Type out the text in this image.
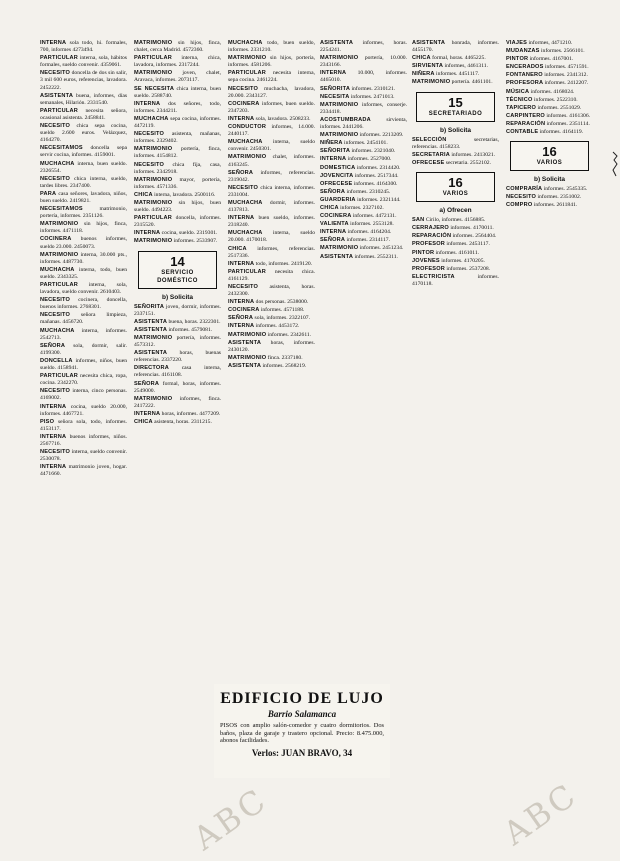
INTERNA sola todo, hi. formales, 700, informes 4273494.

PARTICULAR interna, sola, hábitos formales, sueldo convenir. 4359061.

NECESITO doncella de dos sin salir, 3 mil 600 euros, referencias, lavadora. 2452222.

ASISTENTA buena, informes, días semanales, Hilarión. 2331540.

PARTICULAR necesita señora, ocasional asistenta. 2458841.

NECESITO chica sepa cocina, sueldo 2.600 euros. Velázquez, 4164270.

NECESITAMOS doncella sepa servir cocina, informes. 4159001.

MUCHACHA interna, buen sueldo. 2326554.

NECESITO chica interna, sueldo, tardes libres. 2347400.

PARA casa señores, lavadora, niños, buen sueldo. 2419821.

NECESITAMOS matrimonio, portería, informes. 2351126.

MATRIMONIO sin hijos, finca, informes. 4471118.

COCINERA buenos informes, sueldo 23.000. 2450073.

MATRIMONIO interna, 30.000 pts., informes. 4487730.

MUCHACHA interna, todo, buen sueldo. 2343325.

PARTICULAR interna, sola, lavadora, sueldo convenir. 2610403.

NECESITO cocinera, doncella, buenos informes. 2768301.

NECESITO señora limpieza, mañanas. 4456720.

MUCHACHA interna, informes. 2542713.

SEÑORA sola, dormir, salir. 4199300.

DONCELLA informes, niños, buen sueldo. 4158941.

PARTICULAR necesita chica, ropa, cocina. 2342270.

NECESITO interna, cinco personas. 4169002.

INTERNA cocina, sueldo 20.000, informes. 4467721.

PISO señora sola, todo, informes. 4153117.

INTERNA buenos informes, niños. 2567716.

NECESITO interna, sueldo convenir. 2530078.

INTERNA matrimonio joven, hogar. 4471660.

MATRIMONIO sin hijos, finca, chalet, cerca Madrid. 4572360.

PARTICULAR interna, chica, lavadora, informes. 2317244.

MATRIMONIO joven, chalet, Aravaca, informes. 2073117.

SE NECESITA chica interna, buen sueldo. 2588740.

INTERNA dos señores, todo, informes. 2344211.

MUCHACHA sepa cocina, informes. 4472119.

NECESITO asistenta, mañanas, informes. 2329402.

MATRIMONIO portería, finca, informes. 4154812.

NECESITO chica fija, casa, informes. 2342918.

MATRIMONIO mayor, portería, informes. 4571336.

CHICA interna, lavadora. 2500116.

MATRIMONIO sin hijos, buen sueldo. 4494223.

PARTICULAR doncella, informes. 2315520.

INTERNA cocina, sueldo. 2319301.

MATRIMONIO informes. 2533907.

14
SERVICIO DOMÉSTICO
b) Solicita

SEÑORITA joven, dormir, informes. 2337151.

ASISTENTA buena, horas. 2322301.

ASISTENTA informes. 4579081.

MATRIMONIO portería, informes. 4573312.

ASISTENTA horas, buenas referencias. 2337220.

DIRECTORA casa interna, referencias. 4161108.

SEÑORA formal, horas, informes. 2549000.

MATRIMONIO informes, finca. 2417222.

INTERNA horas, informes. 4477209.

CHICA asistenta, horas. 2311215.

MUCHACHA todo, buen sueldo, informes. 2331210.

MATRIMONIO sin hijos, portería, informes. 4581206.

PARTICULAR necesita interna, sepa cocina. 2461224.

NECESITO muchacha, lavadora, 20.000. 2343127.

COCINERA informes, buen sueldo. 2347203.

INTERNA sola, lavadora. 2508233.

CONDUCTOR informes, 14.000. 2440117.

MUCHACHA interna, sueldo convenir. 2450301.

MATRIMONIO chalet, informes. 4163245.

SEÑORA informes, referencias. 2319042.

NECESITO chica interna, informes. 2331004.

MUCHACHA dormir, informes. 4137813.

INTERNA buen sueldo, informes. 2318240.

MUCHACHA interna, sueldo 20.000. 4170018.

CHICA informes, referencias. 2517336.

INTERNA todo, informes. 2419120.

PARTICULAR necesita chica. 4161129.

NECESITO asistenta, horas. 2432300.

INTERNA dos personas. 2538000.

COCINERA informes. 4571188.

SEÑORA sola, informes. 2322107.

INTERNA informes. 4453172.

MATRIMONIO informes. 2342611.

ASISTENTA horas, informes. 2430120.

MATRIMONIO finca. 2337180.

ASISTENTA informes. 2568219.

ASISTENTA informes, horas. 2254241.

MATRIMONIO portería, 10.000. 2343166.

INTERNA 10.000, informes. 4465010.

SEÑORITA informes. 2310121.

NECESITA informes. 2471013.

MATRIMONIO informes, conserje. 2334418.

ACOSTUMBRADA sirvienta, informes. 2441206.

MATRIMONIO informes. 2213209.

NIÑERA informes. 2454101.

SEÑORITA informes. 2321040.

INTERNA informes. 2527000.

DOMESTICA informes. 2314420.

JOVENCITA informes. 2517344.

OFRECESE informes. 4164300.

SEÑORA informes. 2310245.

GUARDERIA informes. 2321144.

CHICA informes. 2327102.

COCINERA informes. 4472131.

VALIENTA informes. 2553128.

INTERNA informes. 4164204.

SEÑORA informes. 2314117.

MATRIMONIO informes. 2451234.

ASISTENTA informes. 2552311.

ASISTENTA honrada, informes. 4455170.

CHICA formal, horas. 4465225.

SIRVIENTA informes, 4461311.

NIÑERA informes. 4451117.

MATRIMONIO portería. 4461101.

15
SECRETARIADO
b) Solicita

SELECCIÓN secretarias, referencias. 4158233.

SECRETARIA informes. 2413021.

OFRECESE secretaria. 2552102.

16
VARIOS
a) Ofrecen

SAN Cirilo, informes. 4156885.

CERRAJERO informes. 4170011.

REPARACIÓN informes. 2564404.

PROFESOR informes. 2453117.

PINTOR informes. 4161011.

JOVENES informes. 4170205.

PROFESOR informes. 2537208.

ELECTRICISTA informes. 4170118.

VIAJES informes, 4471210.

MUDANZAS informes. 2566101.

PINTOR informes. 4167001.

ENCERADOS informes. 4571591.

FONTANERO informes. 2341312.

PROFESORA informes. 2412207.

MÚSICA informes. 4168024.

TÉCNICO informes. 2522310.

TAPICERO informes. 2551029.

CARPINTERO informes. 4161306.

REPARACIÓN informes. 2351114.

CONTABLE informes. 4164119.

16
VARIOS
b) Solicita

COMPRARÍA informes. 2545335.

NECESITO informes. 2351002.

COMPRO informes. 2611841.

EDIFICIO DE LUJO
Barrio Salamanca
PISOS con amplio salón-comedor y cuatro dormitorios. Dos baños, plaza de garaje y trastero opcional. Precio: 8.475.000, abonos facilidades.
Verlos: JUAN BRAVO, 34
ABC	ABC
